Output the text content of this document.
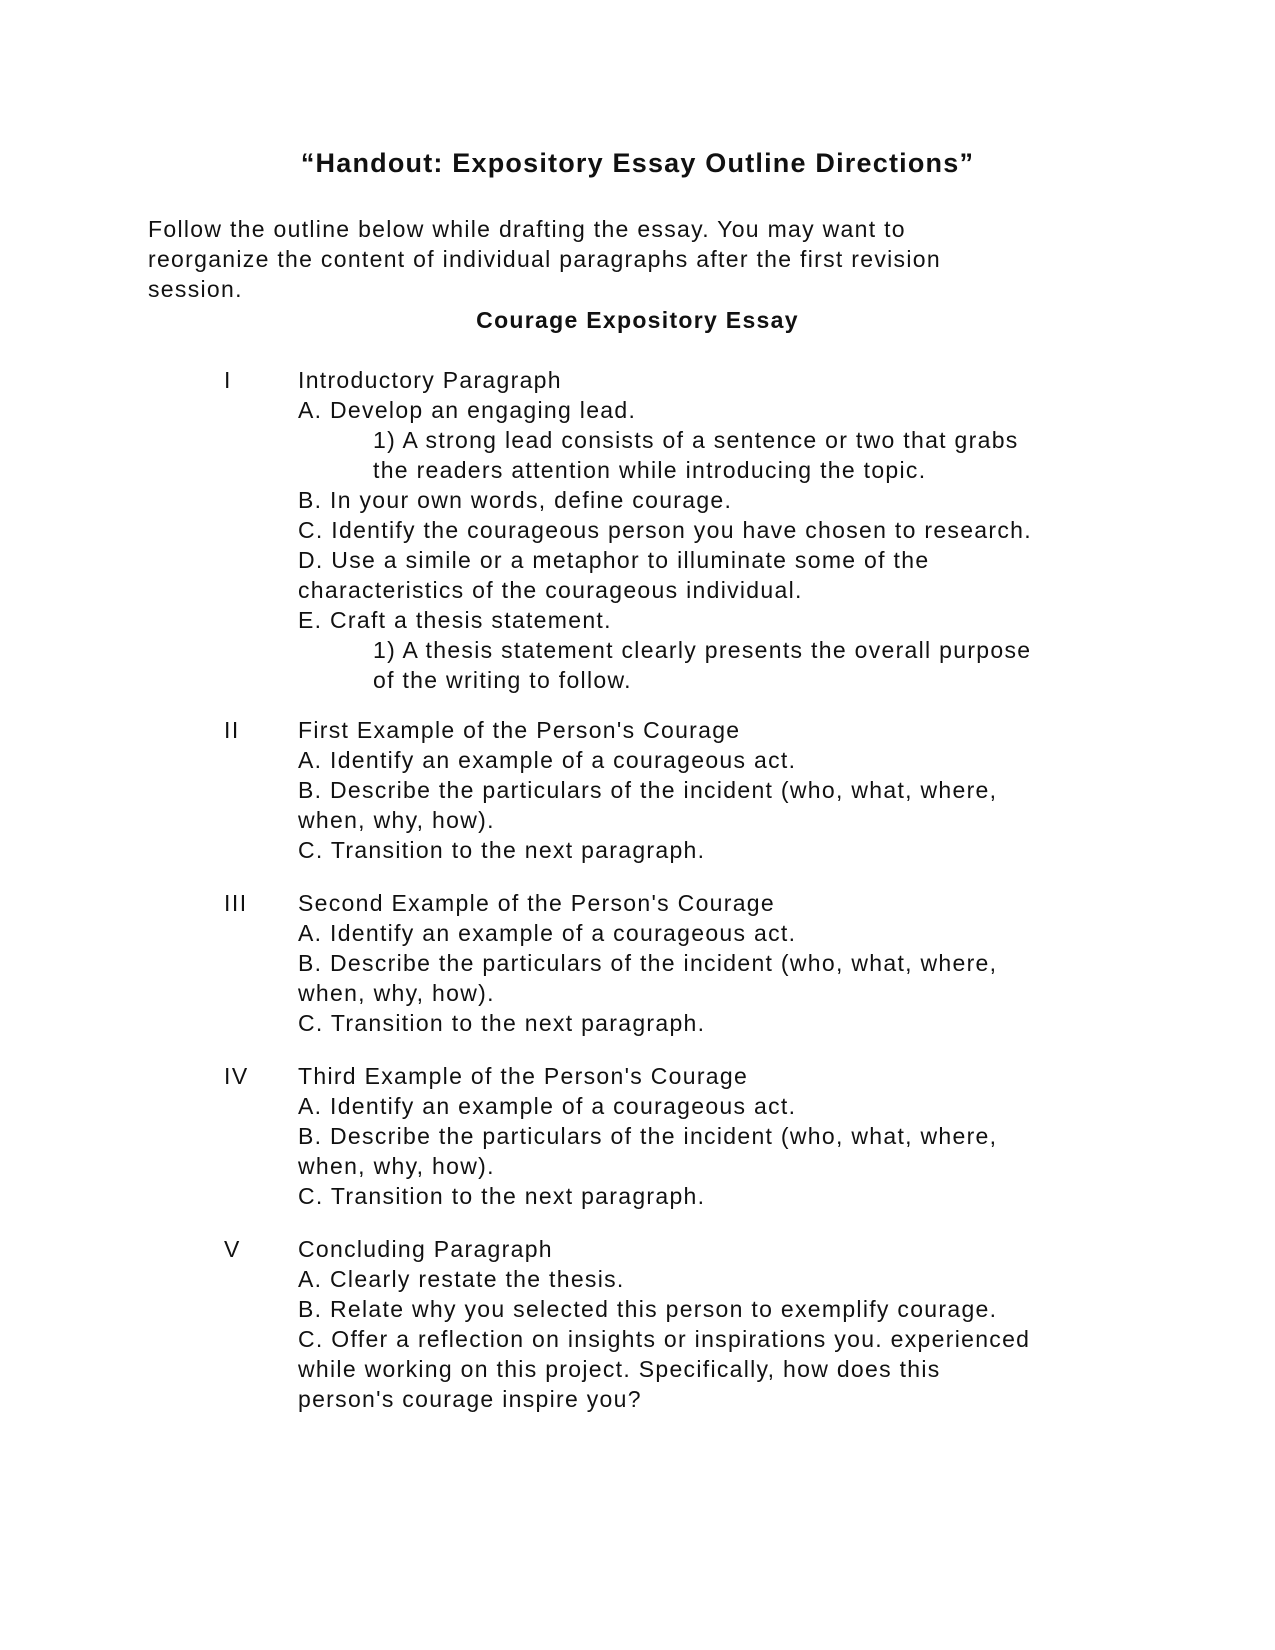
“Handout: Expository Essay Outline Directions”
Follow the outline below while drafting the essay. You may want to
reorganize the content of individual paragraphs after the first revision
session.
Courage Expository Essay
I	Introductory Paragraph
A. Develop an engaging lead.
1) A strong lead consists of a sentence or two that grabs
the readers attention while introducing the topic.
B. In your own words, define courage.
C. Identify the courageous person you have chosen to research.
D. Use a simile or a metaphor to illuminate some of the
characteristics of the courageous individual.
E. Craft a thesis statement.
1) A thesis statement clearly presents the overall purpose
of the writing to follow.
II	First Example of the Person's Courage
A. Identify an example of a courageous act.
B. Describe the particulars of the incident (who, what, where,
when, why, how).
C. Transition to the next paragraph.
III Second Example of the Person's Courage
A. Identify an example of a courageous act.
B. Describe the particulars of the incident (who, what, where,
when, why, how).
C. Transition to the next paragraph.
IV Third Example of the Person's Courage
A. Identify an example of a courageous act.
B. Describe the particulars of the incident (who, what, where,
when, why, how).
C. Transition to the next paragraph.
V Concluding Paragraph
A. Clearly restate the thesis.
B. Relate why you selected this person to exemplify courage.
C. Offer a reflection on insights or inspirations you. experienced
while working on this project. Specifically, how does this
person's courage inspire you?
